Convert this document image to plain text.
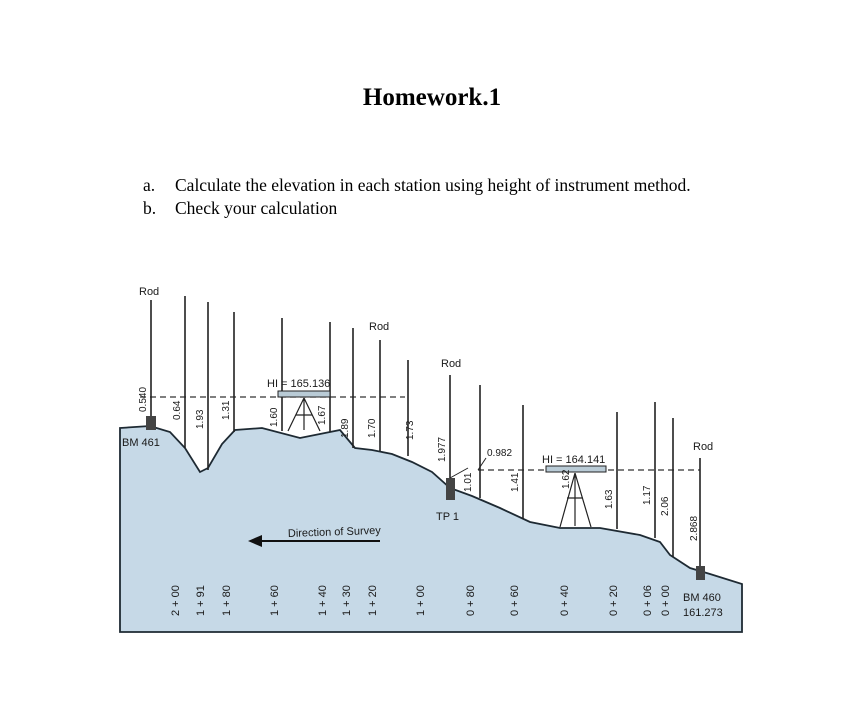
Homework.1
a. Calculate the elevation in each station using height of instrument method.
b. Check your calculation
Rod
Rod
Rod
Rod
HI = 165.136
HI = 164.141
BM 461
BM 460
161.273
TP 1
Direction of Survey
0.540 0.64 1.93 1.31	1.60	1.67
1.89 1.70	1.73
1.977
1.01
0.982
1.41	1.62
1.63	1.17
2.06
2.868
2 + 00 1 + 91 1 + 80	1 + 60	1 + 40 1 + 30 1 + 20	1 + 00	0 + 80	0 + 60	0 + 40	0 + 20 0 + 06 0 + 00
